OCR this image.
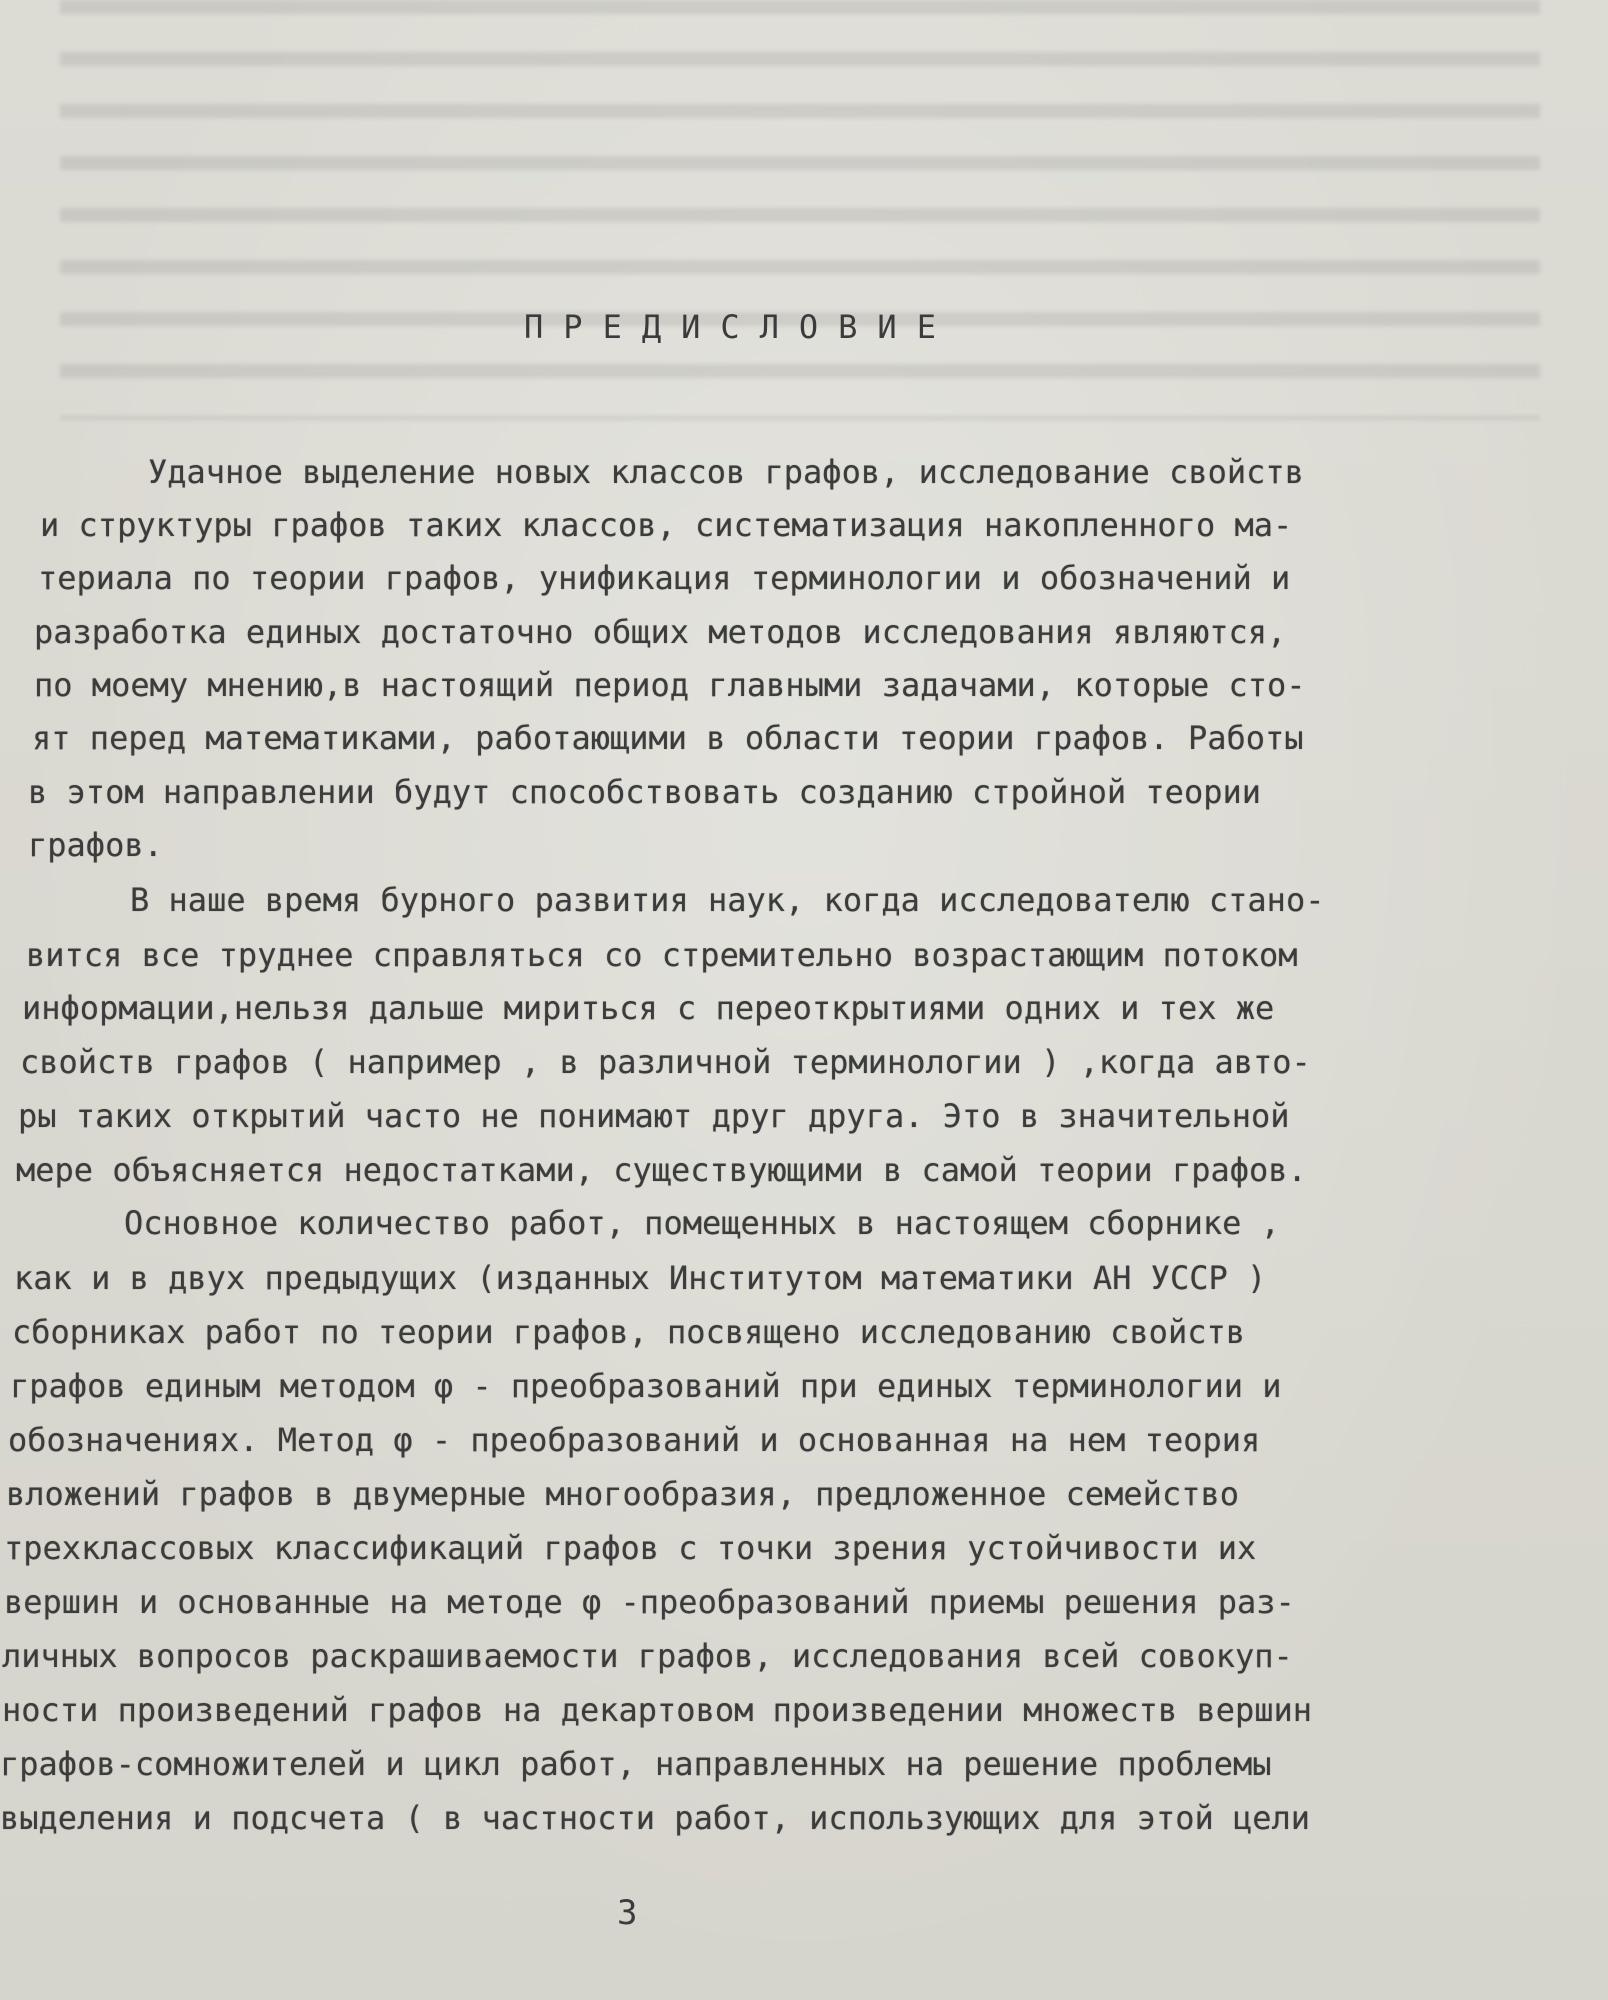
ПРЕДИСЛОВИЕ
Удачное выделение новых классов графов, исследование свойств
и структуры графов таких классов, систематизация накопленного ма-
териала по теории графов, унификация терминологии и обозначений и
разработка единых достаточно общих методов исследования являются,
по моему мнению,в настоящий период главными задачами, которые сто-
ят перед математиками, работающими в области теории графов. Работы
в этом направлении будут способствовать созданию стройной теории
графов.
В наше время бурного развития наук, когда исследователю стано-
вится все труднее справляться со стремительно возрастающим потоком
информации,нельзя дальше мириться с переоткрытиями одних и тех же
свойств графов ( например , в различной терминологии ) ,когда авто-
ры таких открытий часто не понимают друг друга. Это в значительной
мере объясняется недостатками, существующими в самой теории графов.
Основное количество работ, помещенных в настоящем сборнике ,
как и в двух предыдущих (изданных Институтом математики АН УССР )
сборниках работ по теории графов, посвящено исследованию свойств
графов единым методом φ - преобразований при единых терминологии и
обозначениях. Метод φ - преобразований и основанная на нем теория
вложений графов в двумерные многообразия, предложенное семейство
трехклассовых классификаций графов с точки зрения устойчивости их
вершин и основанные на методе φ -преобразований приемы решения раз-
личных вопросов раскрашиваемости графов, исследования всей совокуп-
ности произведений графов на декартовом произведении множеств вершин
графов-сомножителей и цикл работ, направленных на решение проблемы
выделения и подсчета ( в частности работ, использующих для этой цели
3
